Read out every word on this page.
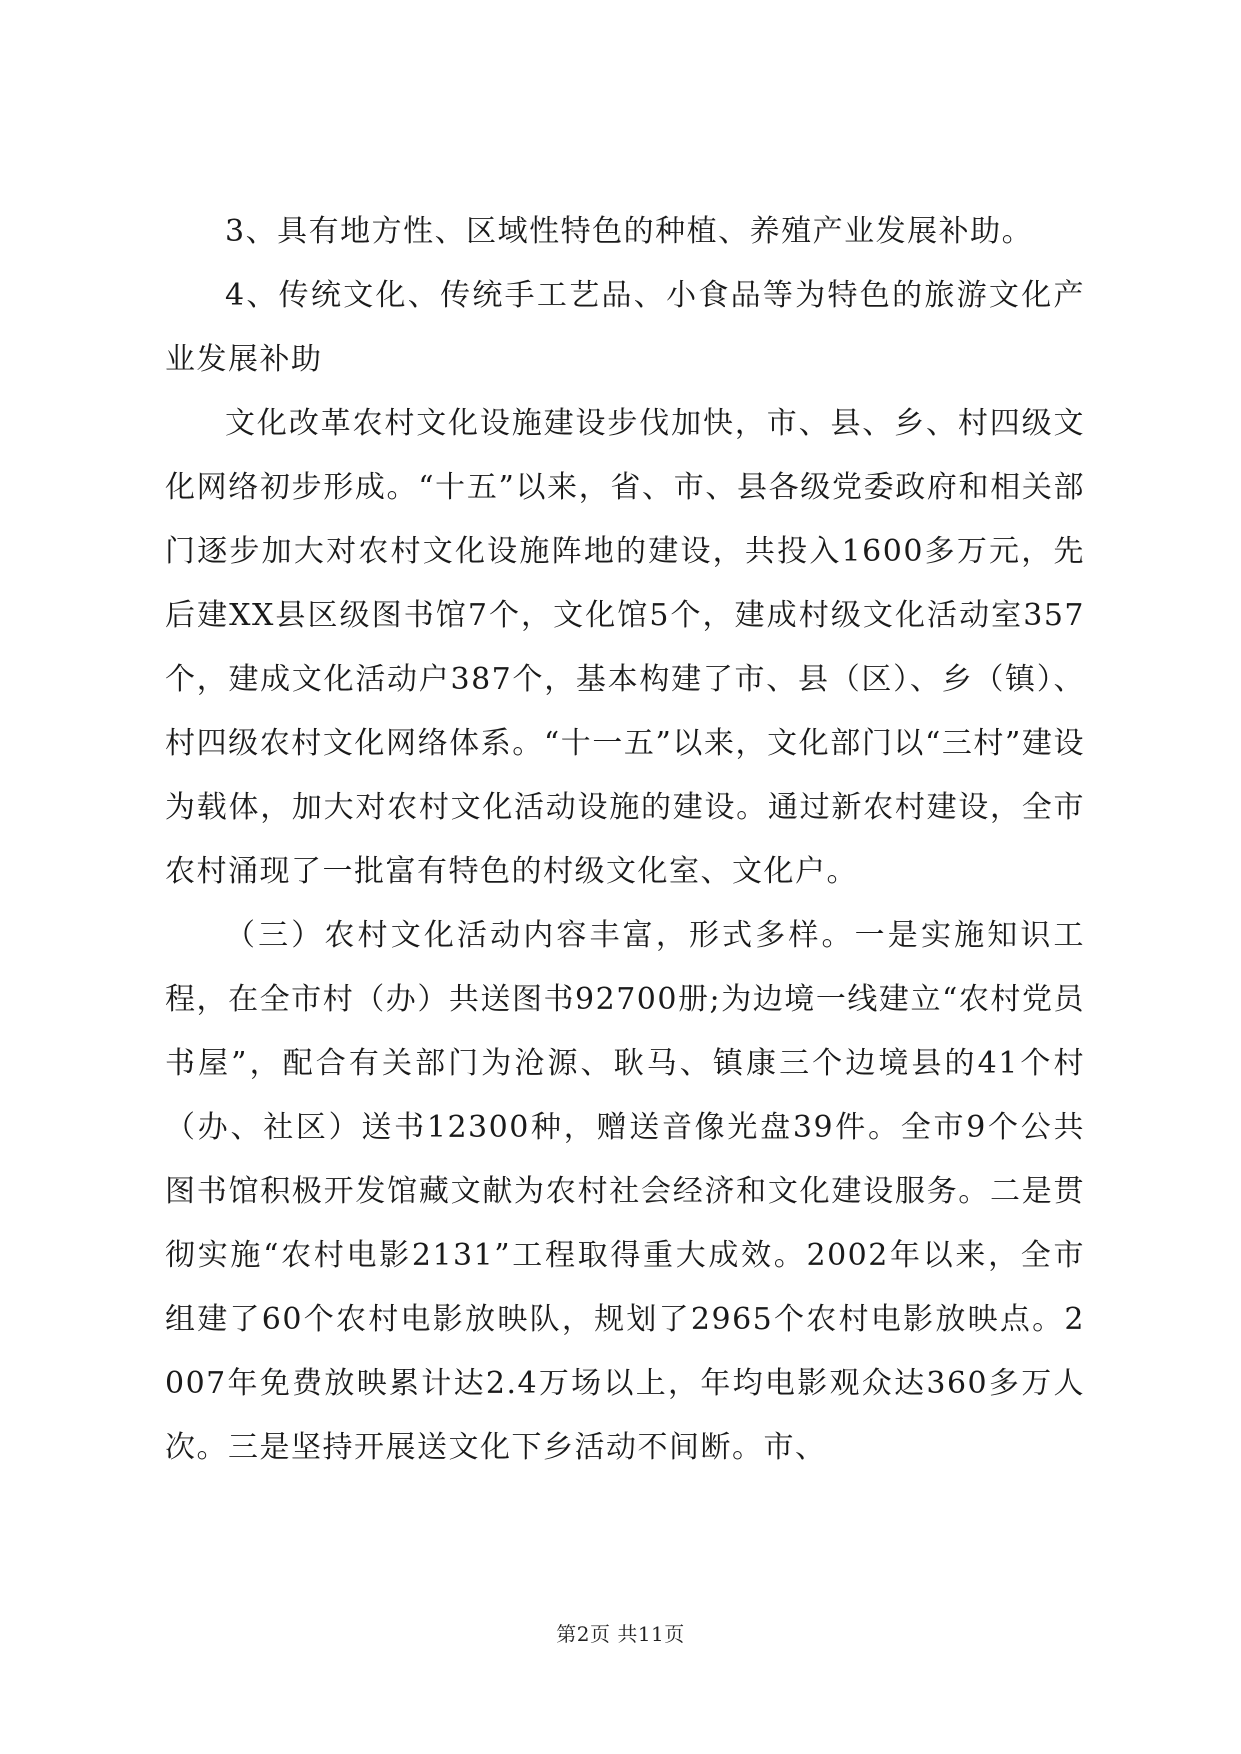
3、具有地方性、区域性特色的种植、养殖产业发展补助。

4、传统文化、传统手工艺品、小食品等为特色的旅游文化产业发展补助

文化改革农村文化设施建设步伐加快，市、县、乡、村四级文化网络初步形成。“十五”以来，省、市、县各级党委政府和相关部门逐步加大对农村文化设施阵地的建设，共投入1600多万元，先后建XX县区级图书馆7个，文化馆5个，建成村级文化活动室357个，建成文化活动户387个，基本构建了市、县（区）、乡（镇）、村四级农村文化网络体系。“十一五”以来，文化部门以“三村”建设为载体，加大对农村文化活动设施的建设。通过新农村建设，全市农村涌现了一批富有特色的村级文化室、文化户。

（三）农村文化活动内容丰富，形式多样。一是实施知识工程，在全市村（办）共送图书92700册;为边境一线建立“农村党员书屋”，配合有关部门为沧源、耿马、镇康三个边境县的41个村（办、社区）送书12300种，赠送音像光盘39件。全市9个公共图书馆积极开发馆藏文献为农村社会经济和文化建设服务。二是贯彻实施“农村电影2131”工程取得重大成效。2002年以来，全市组建了60个农村电影放映队，规划了2965个农村电影放映点。2007年免费放映累计达2.4万场以上，年均电影观众达360多万人次。三是坚持开展送文化下乡活动不间断。市、

第2页 共11页
